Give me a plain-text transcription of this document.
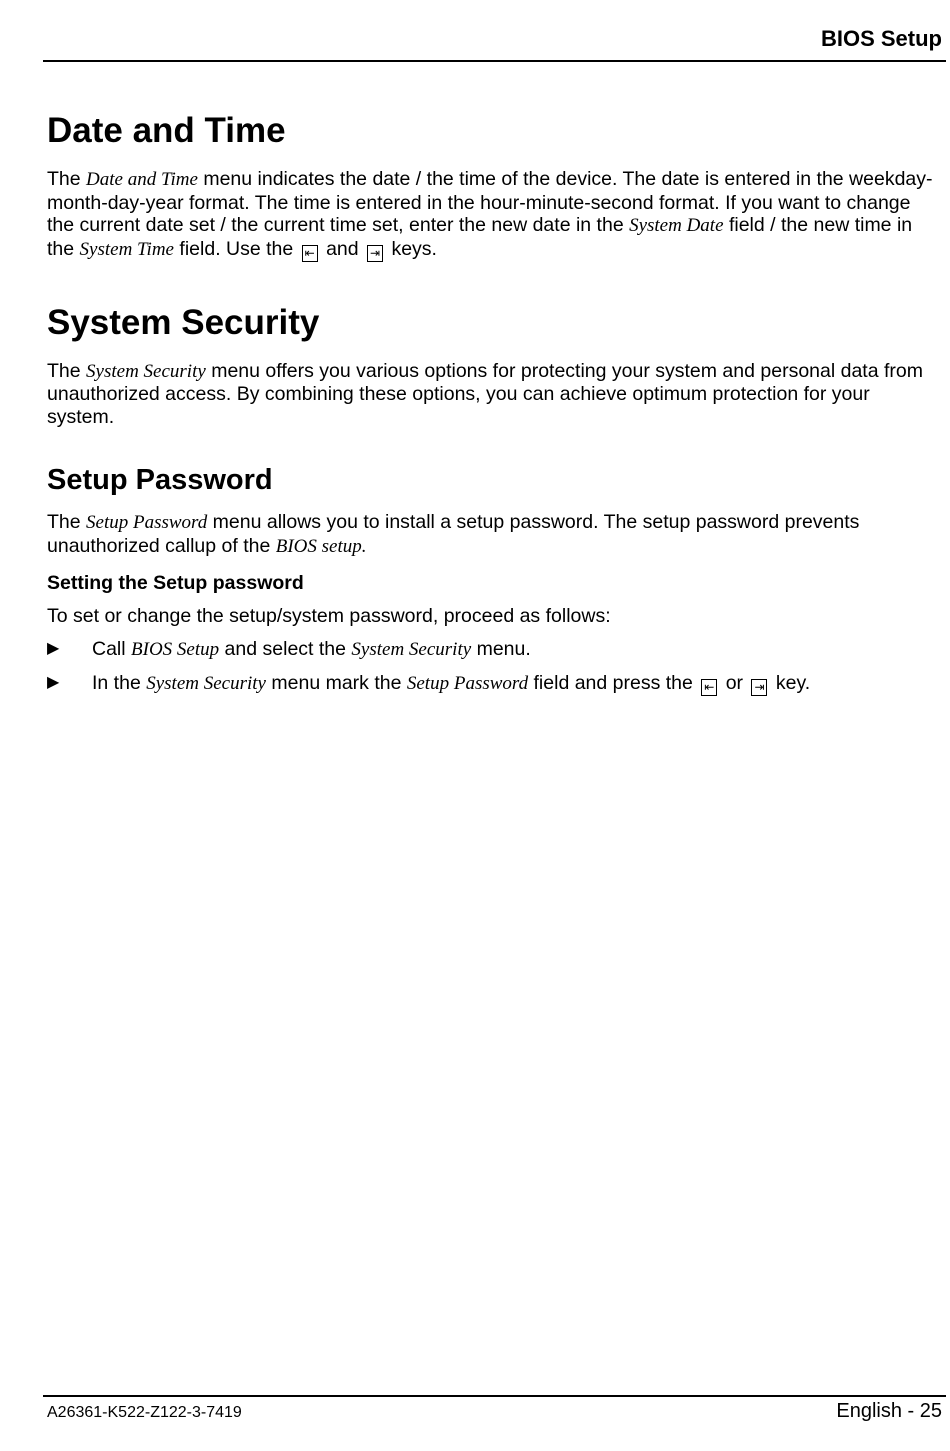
BIOS Setup
Date and Time

The Date and Time menu indicates the date / the time of the device. The date is entered in the weekday-month-day-year format. The time is entered in the hour-minute-second format. If you want to change the current date set / the current time set, enter the new date in the System Date field / the new time in the System Time field. Use the ⇤ and ⇥ keys.

System Security

The System Security menu offers you various options for protecting your system and personal data from unauthorized access. By combining these options, you can achieve optimum protection for your system.

Setup Password

The Setup Password menu allows you to install a setup password. The setup password prevents unauthorized callup of the BIOS setup.

Setting the Setup password

To set or change the setup/system password, proceed as follows:

▶ Call BIOS Setup and select the System Security menu.
▶ In the System Security menu mark the Setup Password field and press the ⇤ or ⇥ key.
A26361-K522-Z122-3-7419	English - 25
